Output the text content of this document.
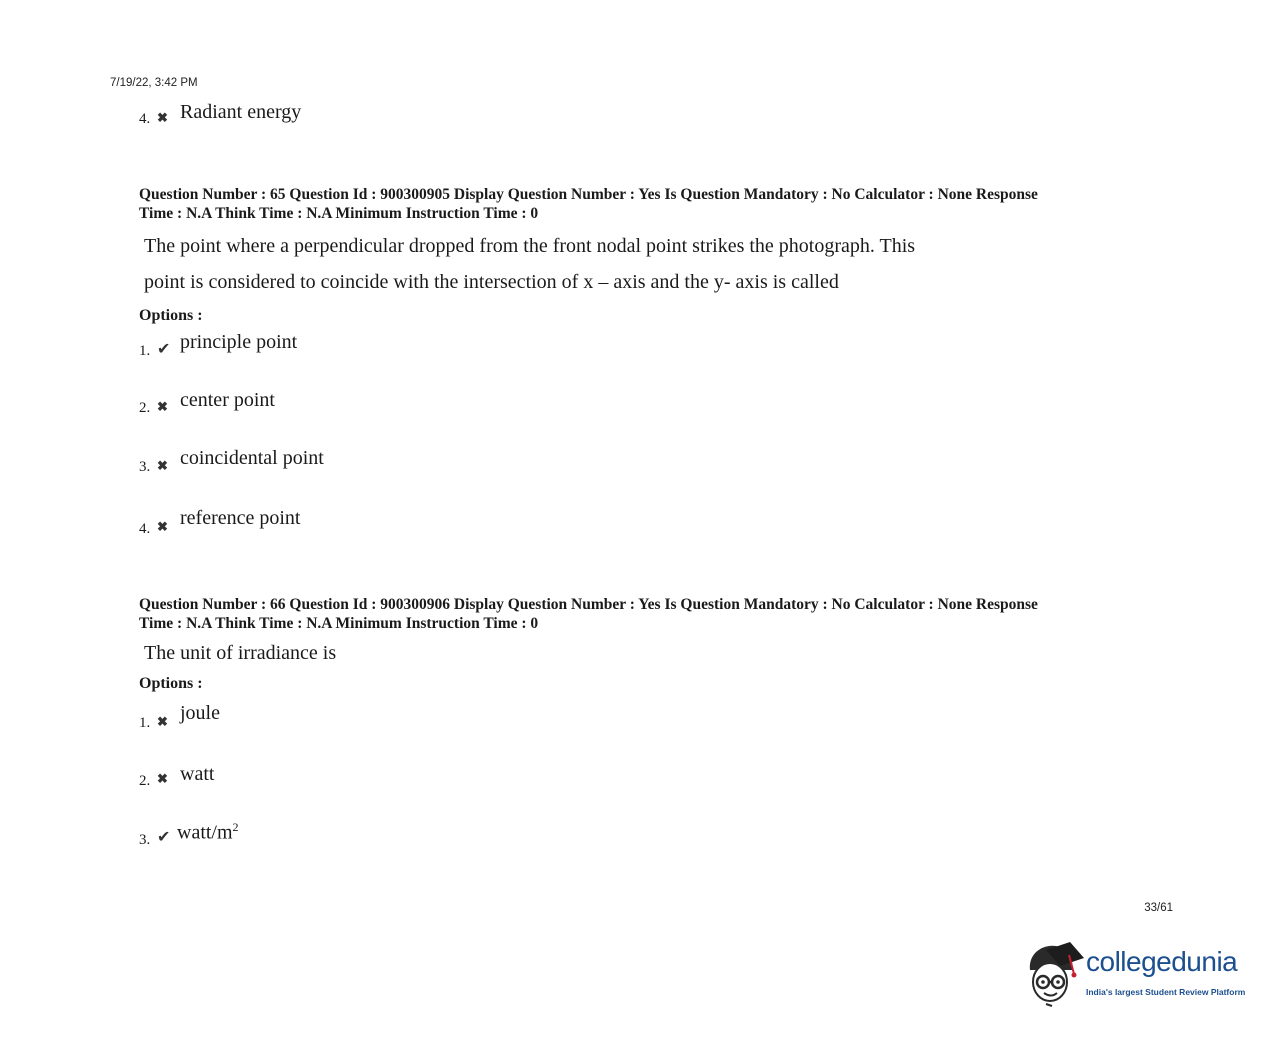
7/19/22, 3:42 PM
4. ✖ Radiant energy
Question Number : 65 Question Id : 900300905 Display Question Number : Yes Is Question Mandatory : No Calculator : None Response
Time : N.A Think Time : N.A Minimum Instruction Time : 0
The point where a perpendicular dropped from the front nodal point strikes the photograph. This
point is considered to coincide with the intersection of x – axis and the y- axis is called
Options :
1. ✔ principle point
2. ✖ center point
3. ✖ coincidental point
4. ✖ reference point
Question Number : 66 Question Id : 900300906 Display Question Number : Yes Is Question Mandatory : No Calculator : None Response
Time : N.A Think Time : N.A Minimum Instruction Time : 0
The unit of irradiance is
Options :
1. ✖ joule
2. ✖ watt
3. ✔ watt/$m^2$
33/61
collegedunia
India's largest Student Review Platform
